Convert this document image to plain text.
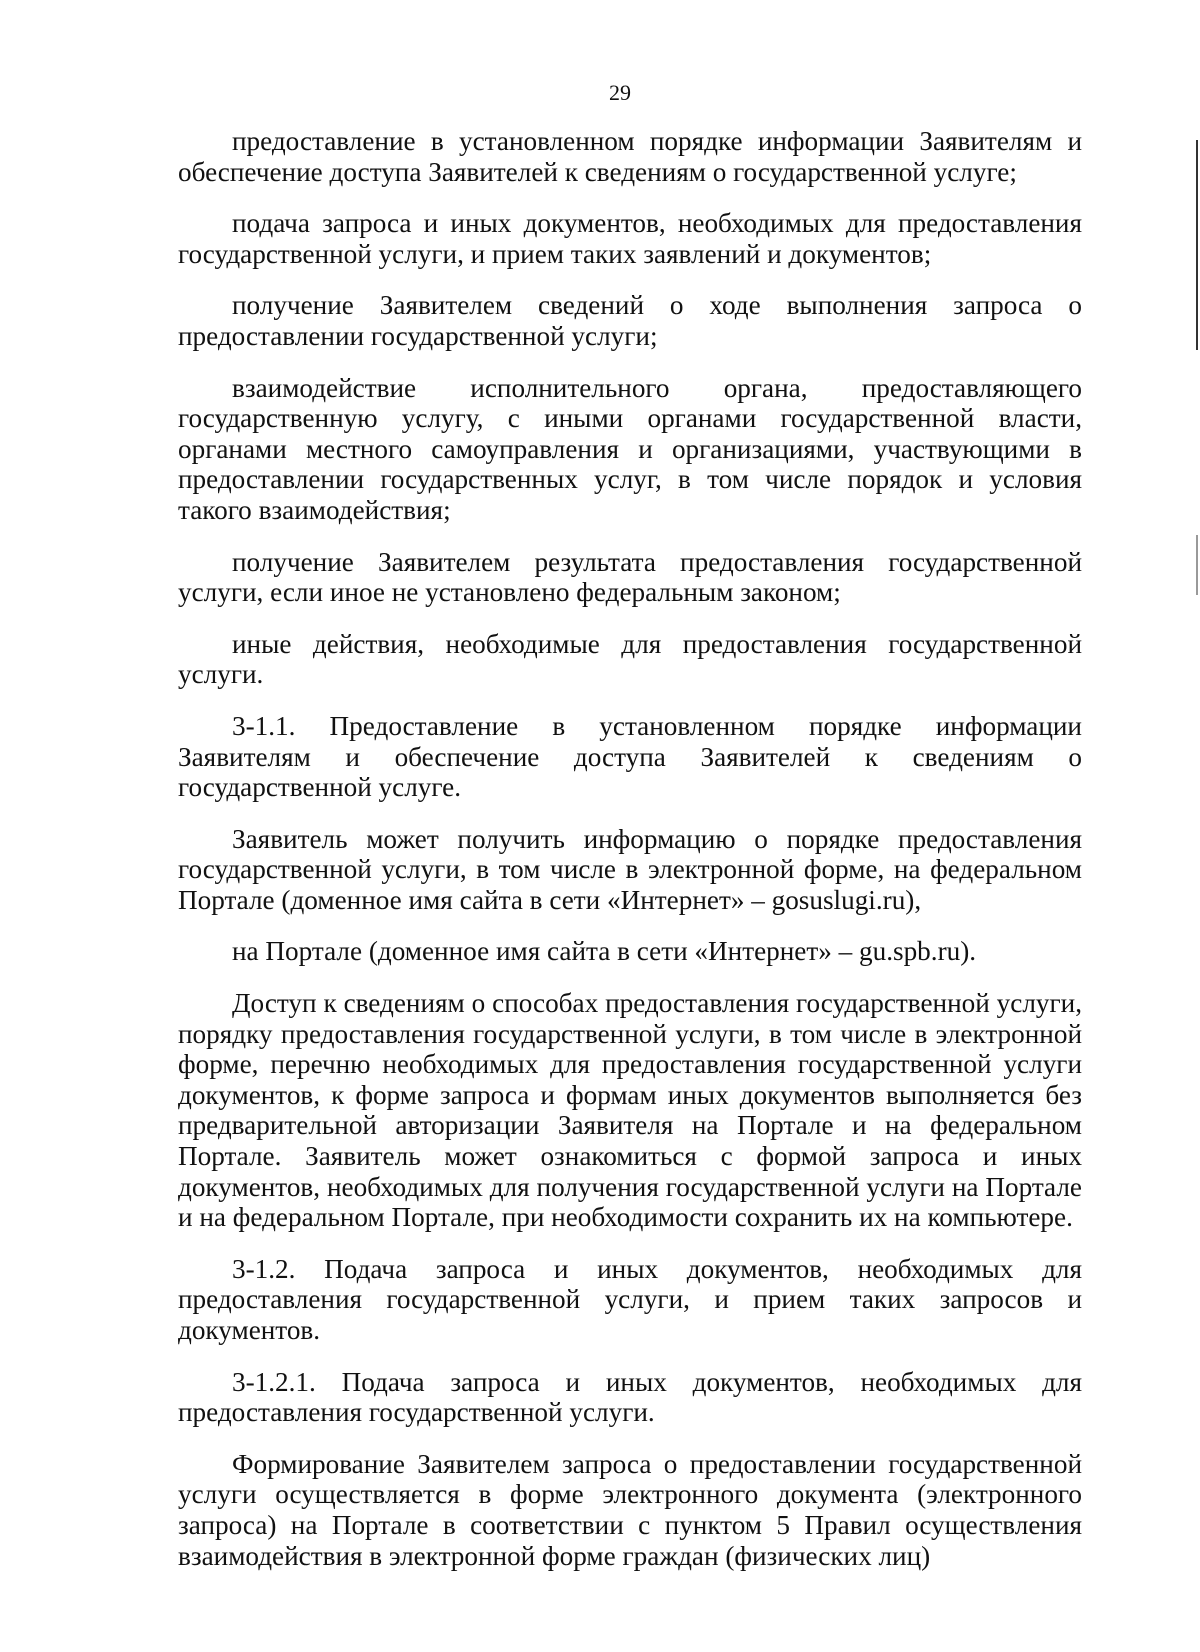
29

предоставление в установленном порядке информации Заявителям и обеспечение доступа Заявителей к сведениям о государственной услуге;

подача запроса и иных документов, необходимых для предоставления государственной услуги, и прием таких заявлений и документов;

получение Заявителем сведений о ходе выполнения запроса о предоставлении государственной услуги;

взаимодействие исполнительного органа, предоставляющего государственную услугу, с иными органами государственной власти, органами местного самоуправления и организациями, участвующими в предоставлении государственных услуг, в том числе порядок и условия такого взаимодействия;

получение Заявителем результата предоставления государственной услуги, если иное не установлено федеральным законом;

иные действия, необходимые для предоставления государственной услуги.

3-1.1. Предоставление в установленном порядке информации Заявителям и обеспечение доступа Заявителей к сведениям о государственной услуге.

Заявитель может получить информацию о порядке предоставления государственной услуги, в том числе в электронной форме, на федеральном Портале (доменное имя сайта в сети «Интернет» – gosuslugi.ru),

на Портале (доменное имя сайта в сети «Интернет» – gu.spb.ru).

Доступ к сведениям о способах предоставления государственной услуги, порядку предоставления государственной услуги, в том числе в электронной форме, перечню необходимых для предоставления государственной услуги документов, к форме запроса и формам иных документов выполняется без предварительной авторизации Заявителя на Портале и на федеральном Портале. Заявитель может ознакомиться с формой запроса и иных документов, необходимых для получения государственной услуги на Портале и на федеральном Портале, при необходимости сохранить их на компьютере.

3-1.2. Подача запроса и иных документов, необходимых для предоставления государственной услуги, и прием таких запросов и документов.

3-1.2.1. Подача запроса и иных документов, необходимых для предоставления государственной услуги.

Формирование Заявителем запроса о предоставлении государственной услуги осуществляется в форме электронного документа (электронного запроса) на Портале в соответствии с пунктом 5 Правил осуществления взаимодействия в электронной форме граждан (физических лиц)
